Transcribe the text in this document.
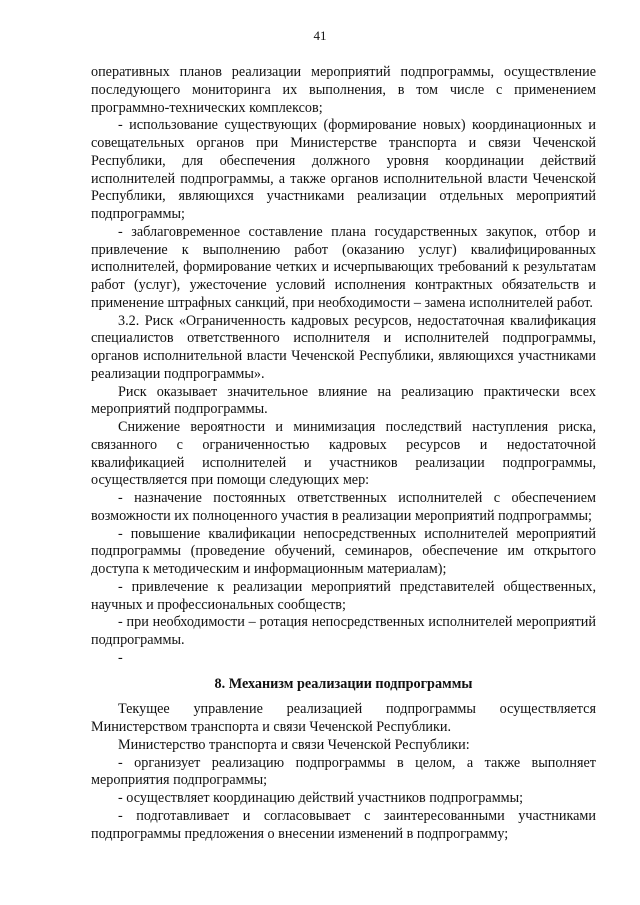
41

оперативных планов реализации мероприятий подпрограммы, осуществление последующего мониторинга их выполнения, в том числе с применением программно-технических комплексов;

- использование существующих (формирование новых) координационных и совещательных органов при Министерстве транспорта и связи Чеченской Республики, для обеспечения должного уровня координации действий исполнителей подпрограммы, а также органов исполнительной власти Чеченской Республики, являющихся участниками реализации отдельных мероприятий подпрограммы;

- заблаговременное составление плана государственных закупок, отбор и привлечение к выполнению работ (оказанию услуг) квалифицированных исполнителей, формирование четких и исчерпывающих требований к результатам работ (услуг), ужесточение условий исполнения контрактных обязательств и применение штрафных санкций, при необходимости – замена исполнителей работ.

3.2. Риск «Ограниченность кадровых ресурсов, недостаточная квалификация специалистов ответственного исполнителя и исполнителей подпрограммы, органов исполнительной власти Чеченской Республики, являющихся участниками реализации подпрограммы».

Риск оказывает значительное влияние на реализацию практически всех мероприятий подпрограммы.

Снижение вероятности и минимизация последствий наступления риска, связанного с ограниченностью кадровых ресурсов и недостаточной квалификацией исполнителей и участников реализации подпрограммы, осуществляется при помощи следующих мер:

- назначение постоянных ответственных исполнителей с обеспечением возможности их полноценного участия в реализации мероприятий подпрограммы;

- повышение квалификации непосредственных исполнителей мероприятий подпрограммы (проведение обучений, семинаров, обеспечение им открытого доступа к методическим и информационным материалам);

- привлечение к реализации мероприятий представителей общественных, научных и профессиональных сообществ;

- при необходимости – ротация непосредственных исполнителей мероприятий подпрограммы.

-

8. Механизм реализации подпрограммы

Текущее управление реализацией подпрограммы осуществляется Министерством транспорта и связи Чеченской Республики.

Министерство транспорта и связи Чеченской Республики:

- организует реализацию подпрограммы в целом, а также выполняет мероприятия подпрограммы;

- осуществляет координацию действий участников подпрограммы;

- подготавливает и согласовывает с заинтересованными участниками подпрограммы предложения о внесении изменений в подпрограмму;
